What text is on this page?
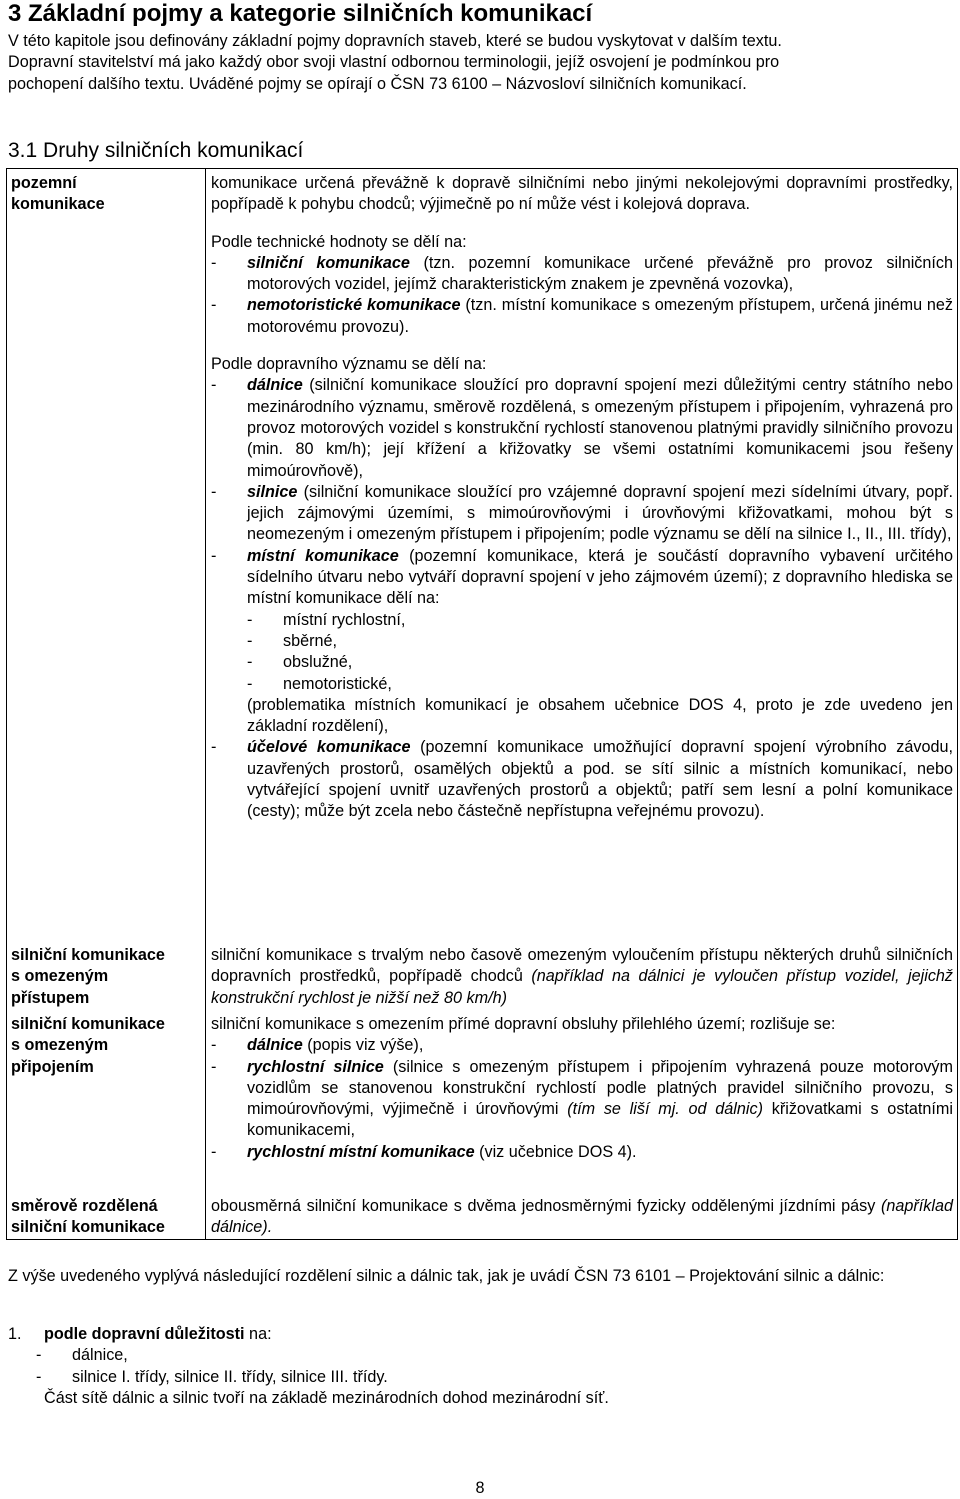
3 Základní pojmy a kategorie silničních komunikací
V této kapitole jsou definovány základní pojmy dopravních staveb, které se budou vyskytovat v dalším textu.
Dopravní stavitelství má jako každý obor svoji vlastní odbornou terminologii, jejíž osvojení je podmínkou pro
pochopení dalšího textu. Uváděné pojmy se opírají o ČSN 73 6100 – Názvosloví silničních komunikací.
3.1 Druhy silničních komunikací
pozemní
komunikace

komunikace určená převážně k dopravě silničními nebo jinými nekolejovými dopravními prostředky, popřípadě k pohybu chodců; výjimečně po ní může vést i kolejová doprava.

Podle technické hodnoty se dělí na:

- silniční komunikace (tzn. pozemní komunikace určené převážně pro provoz silničních motorových vozidel, jejímž charakteristickým znakem je zpevněná vozovka),
- nemotoristické komunikace (tzn. místní komunikace s omezeným přístupem, určená jinému než motorovému provozu).

Podle dopravního významu se dělí na:

- dálnice (silniční komunikace sloužící pro dopravní spojení mezi důležitými centry státního nebo mezinárodního významu, směrově rozdělená, s omezeným přístupem i připojením, vyhrazená pro provoz motorových vozidel s konstrukční rychlostí stanovenou platnými pravidly silničního provozu (min. 80 km/h); její křížení a křižovatky se všemi ostatními komunikacemi jsou řešeny mimoúrovňově),
- silnice (silniční komunikace sloužící pro vzájemné dopravní spojení mezi sídelními útvary, popř. jejich zájmovými územími, s mimoúrovňovými i úrovňovými křižovatkami, mohou být s neomezeným i omezeným přístupem i připojením; podle významu se dělí na silnice I., II., III. třídy),
- místní komunikace (pozemní komunikace, která je součástí dopravního vybavení určitého sídelního útvaru nebo vytváří dopravní spojení v jeho zájmovém území); z dopravního hlediska se místní komunikace dělí na:
- místní rychlostní,
- sběrné,
- obslužné,
- nemotoristické,
(problematika místních komunikací je obsahem učebnice DOS 4, proto je zde uvedeno jen základní rozdělení),
- účelové komunikace (pozemní komunikace umožňující dopravní spojení výrobního závodu, uzavřených prostorů, osamělých objektů a pod. se sítí silnic a místních komunikací, nebo vytvářející spojení uvnitř uzavřených prostorů a objektů; patří sem lesní a polní komunikace (cesty); může být zcela nebo částečně nepřístupna veřejnému provozu).
silniční komunikace
s omezeným
přístupem

silniční komunikace s trvalým nebo časově omezeným vyloučením přístupu některých druhů silničních dopravních prostředků, popřípadě chodců (například na dálnici je vyloučen přístup vozidel, jejichž konstrukční rychlost je nižší než 80 km/h)

silniční komunikace
s omezeným
připojením

silniční komunikace s omezením přímé dopravní obsluhy přilehlého území; rozlišuje se:

- dálnice (popis viz výše),
- rychlostní silnice (silnice s omezeným přístupem i připojením vyhrazená pouze motorovým vozidlům se stanovenou konstrukční rychlostí podle platných pravidel silničního provozu, s mimoúrovňovými, výjimečně i úrovňovými (tím se liší mj. od dálnic) křižovatkami s ostatními komunikacemi,
- rychlostní místní komunikace (viz učebnice DOS 4).
směrově rozdělená
silniční komunikace

obousměrná silniční komunikace s dvěma jednosměrnými fyzicky oddělenými jízdními pásy (například dálnice).

Z výše uvedeného vyplývá následující rozdělení silnic a dálnic tak, jak je uvádí ČSN 73 6101 – Projektování silnic a dálnic:

1. podle dopravní důležitosti na:
- dálnice,
- silnice I. třídy, silnice II. třídy, silnice III. třídy.
Část sítě dálnic a silnic tvoří na základě mezinárodních dohod mezinárodní síť.
8
